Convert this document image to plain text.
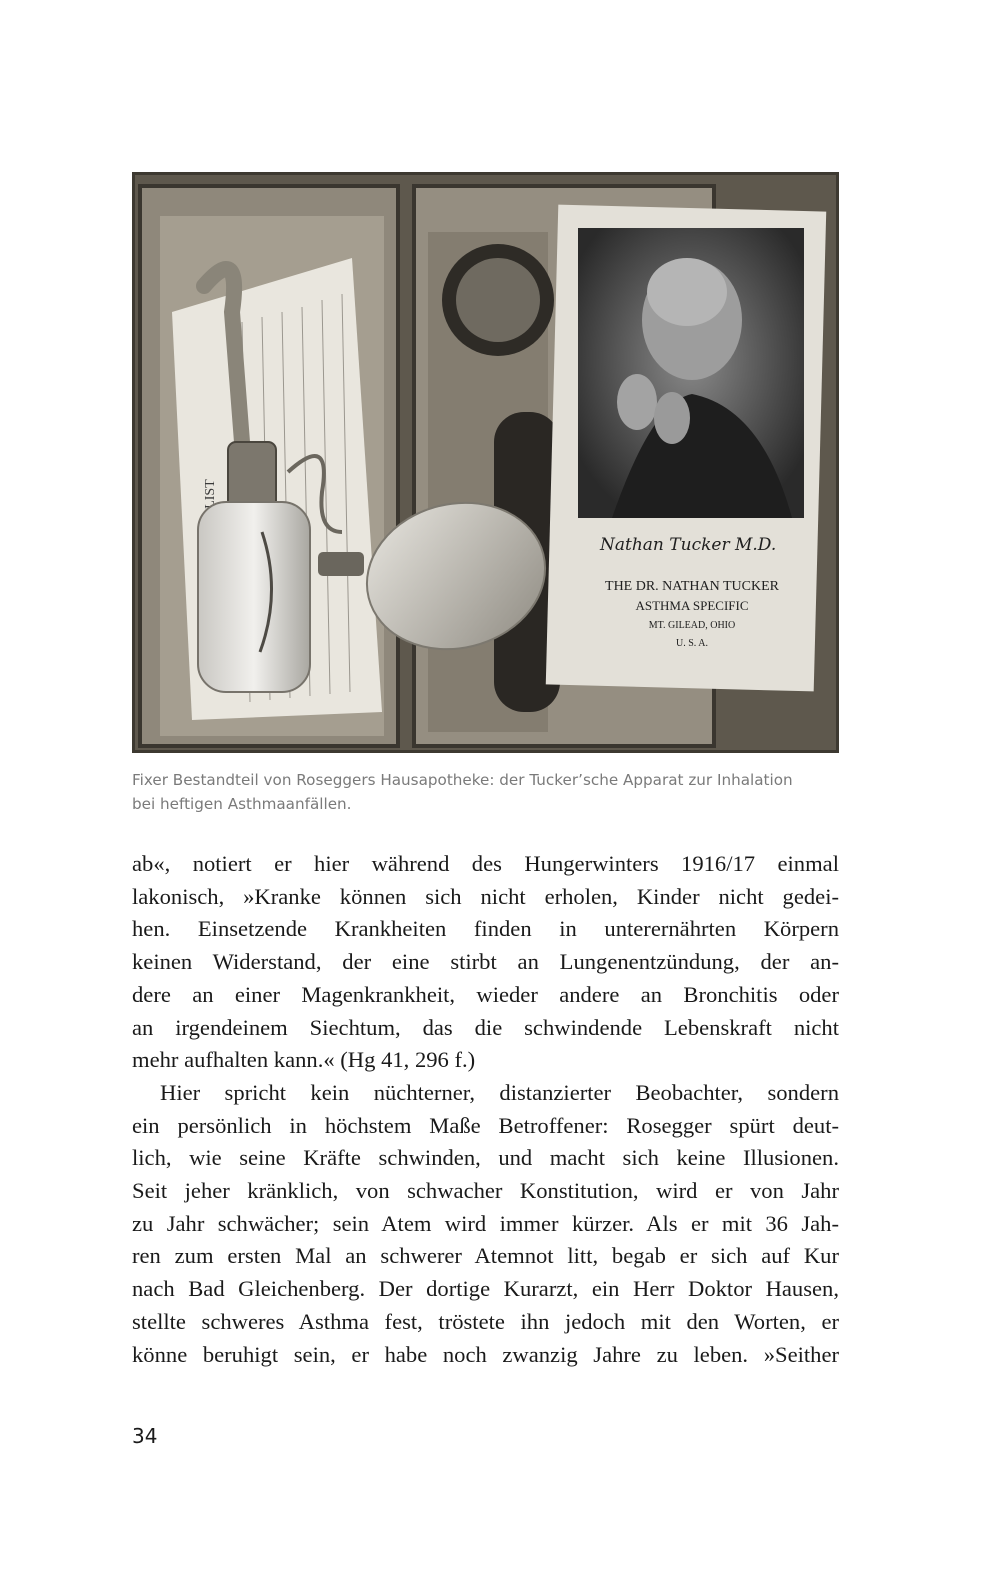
Nathan Tucker M.D.
THE DR. NATHAN TUCKER
ASTHMA SPECIFIC
MT. GILEAD, OHIO
U. S. A.

Fixer Bestandteil von Roseggers Hausapotheke: der Tucker’sche Apparat zur Inhalation
bei heftigen Asthmaanfällen.

ab«, notiert er hier während des Hungerwinters 1916/17 einmal
lakonisch, »Kranke können sich nicht erholen, Kinder nicht gedei-
hen. Einsetzende Krankheiten finden in unterernährten Körpern
keinen Widerstand, der eine stirbt an Lungenentzündung, der an-
dere an einer Magenkrankheit, wieder andere an Bronchitis oder
an irgendeinem Siechtum, das die schwindende Lebenskraft nicht
mehr aufhalten kann.« (Hg 41, 296 f.)
Hier spricht kein nüchterner, distanzierter Beobachter, sondern
ein persönlich in höchstem Maße Betroffener: Rosegger spürt deut-
lich, wie seine Kräfte schwinden, und macht sich keine Illusionen.
Seit jeher kränklich, von schwacher Konstitution, wird er von Jahr
zu Jahr schwächer; sein Atem wird immer kürzer. Als er mit 36 Jah-
ren zum ersten Mal an schwerer Atemnot litt, begab er sich auf Kur
nach Bad Gleichenberg. Der dortige Kurarzt, ein Herr Doktor Hausen,
stellte schweres Asthma fest, tröstete ihn jedoch mit den Worten, er
könne beruhigt sein, er habe noch zwanzig Jahre zu leben. »Seither
34
